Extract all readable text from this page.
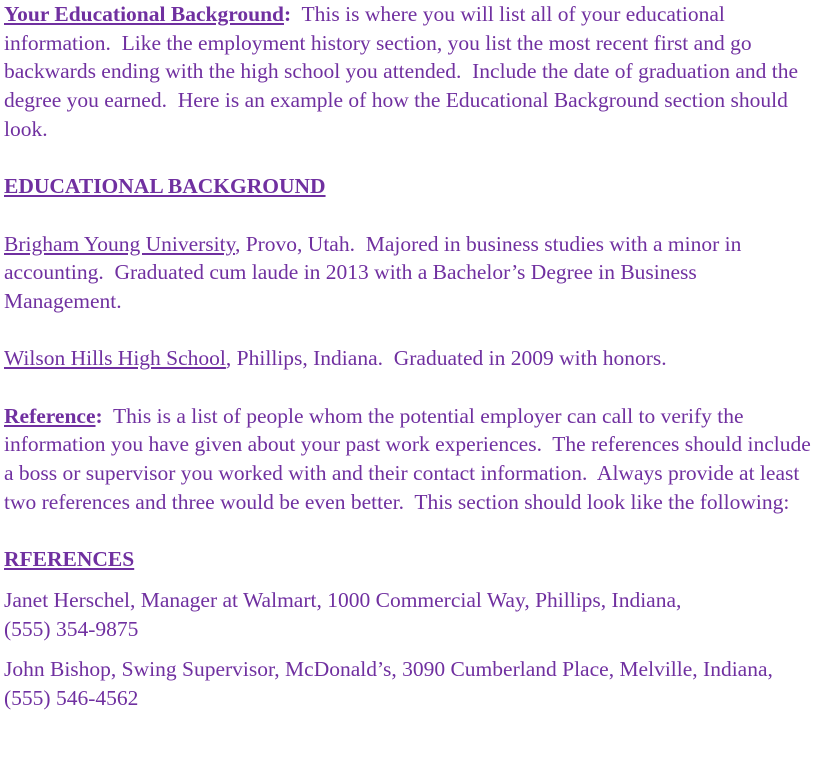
Your Educational Background:  This is where you will list all of your educational information.  Like the employment history section, you list the most recent first and go backwards ending with the high school you attended.  Include the date of graduation and the degree you earned.  Here is an example of how the Educational Background section should look.

EDUCATIONAL BACKGROUND

Brigham Young University, Provo, Utah.  Majored in business studies with a minor in accounting.  Graduated cum laude in 2013 with a Bachelor’s Degree in Business Management.

Wilson Hills High School, Phillips, Indiana.  Graduated in 2009 with honors.

Reference:  This is a list of people whom the potential employer can call to verify the information you have given about your past work experiences.  The references should include a boss or supervisor you worked with and their contact information.  Always provide at least two references and three would be even better.  This section should look like the following:

RFERENCES

Janet Herschel, Manager at Walmart, 1000 Commercial Way, Phillips, Indiana,

(555) 354-9875

John Bishop, Swing Supervisor, McDonald’s, 3090 Cumberland Place, Melville, Indiana,

(555) 546-4562
